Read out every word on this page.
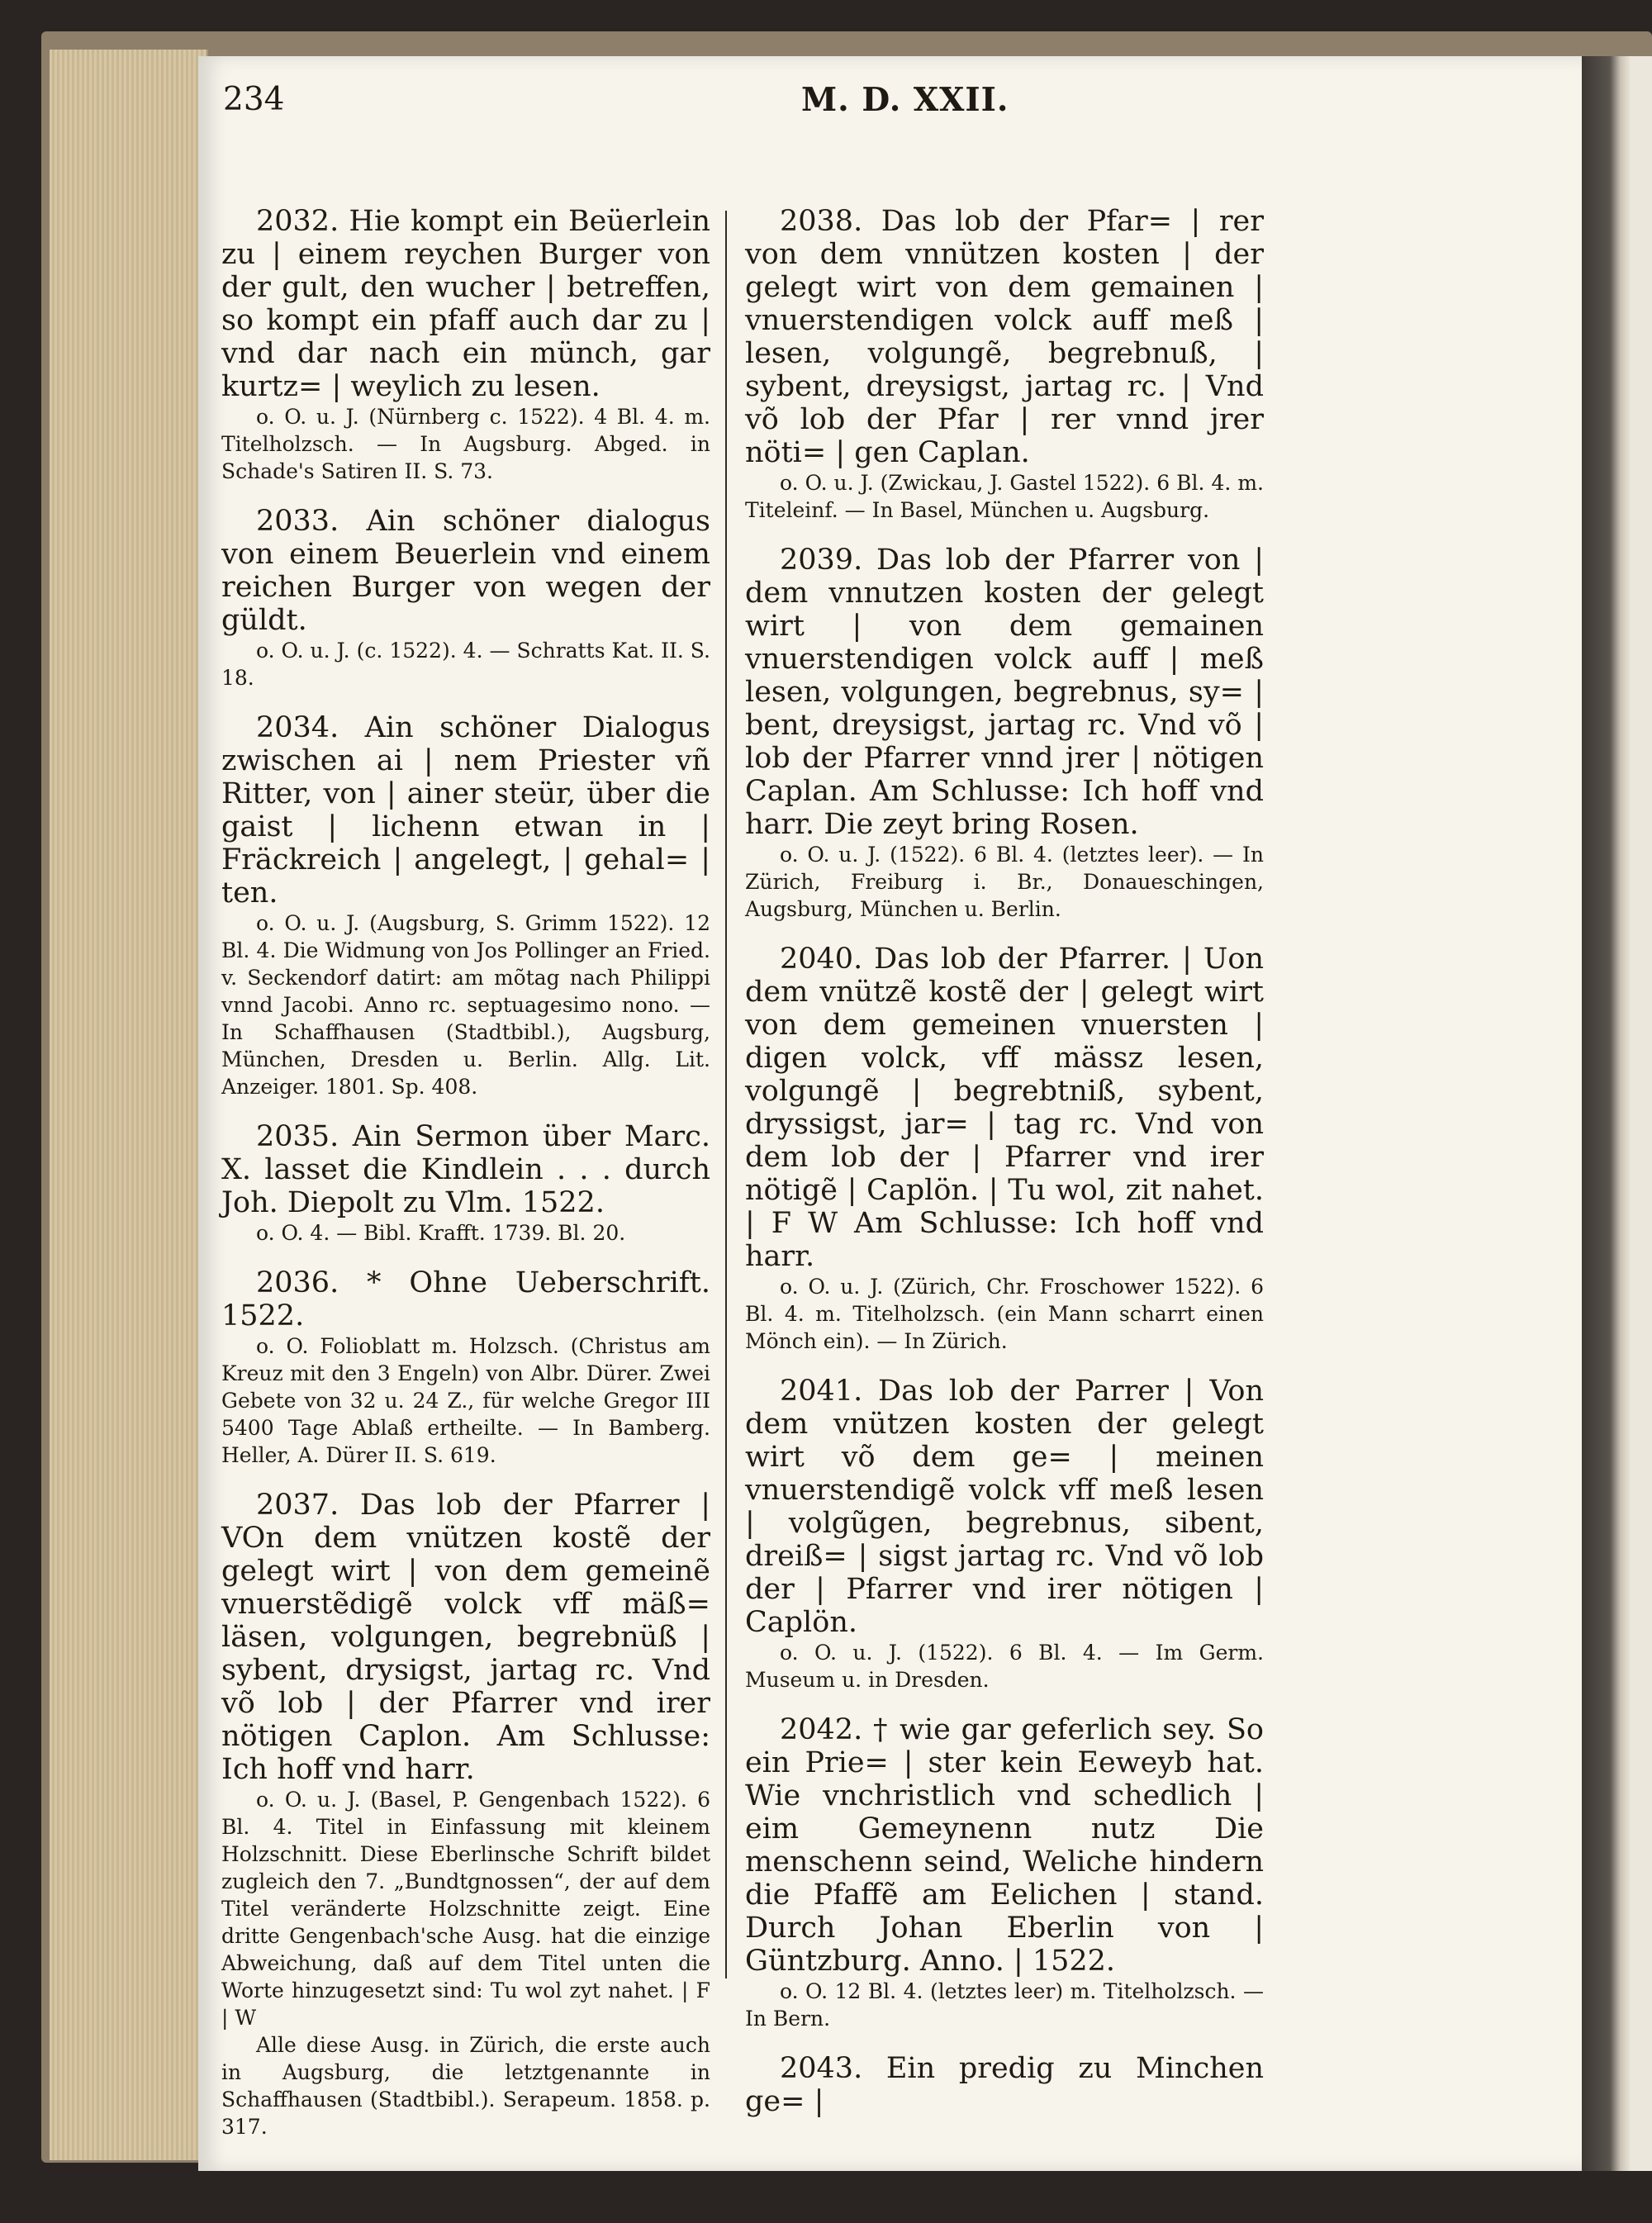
234	M. D. XXII.

2032. Hie kompt ein Beüerlein zu | einem reychen Burger von der gult, den wucher | betreffen, so kompt ein pfaff auch dar zu | vnd dar nach ein münch, gar kurtz= | weylich zu lesen.

o. O. u. J. (Nürnberg c. 1522). 4 Bl. 4. m. Titelholzsch. — In Augsburg. Abged. in Schade's Satiren II. S. 73.

2033. Ain schöner dialogus von einem Beuerlein vnd einem reichen Burger von wegen der güldt.

o. O. u. J. (c. 1522). 4. — Schratts Kat. II. S. 18.

2034. Ain schöner Dialogus zwischen ai | nem Priester vñ Ritter, von | ainer steür, über die gaist | lichenn etwan in | Fräckreich | angelegt, | gehal= | ten.

o. O. u. J. (Augsburg, S. Grimm 1522). 12 Bl. 4. Die Widmung von Jos Pollinger an Fried. v. Seckendorf datirt: am mõtag nach Philippi vnnd Jacobi. Anno rc. septuagesimo nono. — In Schaffhausen (Stadtbibl.), Augsburg, München, Dresden u. Berlin. Allg. Lit. Anzeiger. 1801. Sp. 408.

2035. Ain Sermon über Marc. X. lasset die Kindlein . . . durch Joh. Diepolt zu Vlm. 1522.

o. O. 4. — Bibl. Krafft. 1739. Bl. 20.

2036. * Ohne Ueberschrift. 1522.

o. O. Folioblatt m. Holzsch. (Christus am Kreuz mit den 3 Engeln) von Albr. Dürer. Zwei Gebete von 32 u. 24 Z., für welche Gregor III 5400 Tage Ablaß ertheilte. — In Bamberg. Heller, A. Dürer II. S. 619.

2037. Das lob der Pfarrer | VOn dem vnützen kostẽ der gelegt wirt | von dem gemeinẽ vnuerstẽdigẽ volck vff mäß= läsen, volgungen, begrebnüß | sybent, drysigst, jartag rc. Vnd võ lob | der Pfarrer vnd irer nötigen Caplon. Am Schlusse: Ich hoff vnd harr.

o. O. u. J. (Basel, P. Gengenbach 1522). 6 Bl. 4. Titel in Einfassung mit kleinem Holzschnitt. Diese Eberlinsche Schrift bildet zugleich den 7. „Bundtgnossen“, der auf dem Titel veränderte Holzschnitte zeigt. Eine dritte Gengenbach'sche Ausg. hat die einzige Abweichung, daß auf dem Titel unten die Worte hinzugesetzt sind: Tu wol zyt nahet. | F | W

Alle diese Ausg. in Zürich, die erste auch in Augsburg, die letztgenannte in Schaffhausen (Stadtbibl.). Serapeum. 1858. p. 317.

2038. Das lob der Pfar= | rer von dem vnnützen kosten | der gelegt wirt von dem gemainen | vnuerstendigen volck auff meß | lesen, volgungẽ, begrebnuß, | sybent, dreysigst, jartag rc. | Vnd võ lob der Pfar | rer vnnd jrer nöti= | gen Caplan.

o. O. u. J. (Zwickau, J. Gastel 1522). 6 Bl. 4. m. Titeleinf. — In Basel, München u. Augsburg.

2039. Das lob der Pfarrer von | dem vnnutzen kosten der gelegt wirt | von dem gemainen vnuerstendigen volck auff | meß lesen, volgungen, begrebnus, sy= | bent, dreysigst, jartag rc. Vnd võ | lob der Pfarrer vnnd jrer | nötigen Caplan. Am Schlusse: Ich hoff vnd harr. Die zeyt bring Rosen.

o. O. u. J. (1522). 6 Bl. 4. (letztes leer). — In Zürich, Freiburg i. Br., Donaueschingen, Augsburg, München u. Berlin.

2040. Das lob der Pfarrer. | Uon dem vnützẽ kostẽ der | gelegt wirt von dem gemeinen vnuersten | digen volck, vff mässz lesen, volgungẽ | begrebtniß, sybent, dryssigst, jar= | tag rc. Vnd von dem lob der | Pfarrer vnd irer nötigẽ | Caplön. | Tu wol, zit nahet. | F W Am Schlusse: Ich hoff vnd harr.

o. O. u. J. (Zürich, Chr. Froschower 1522). 6 Bl. 4. m. Titelholzsch. (ein Mann scharrt einen Mönch ein). — In Zürich.

2041. Das lob der Parrer | Von dem vnützen kosten der gelegt wirt võ dem ge= | meinen vnuerstendigẽ volck vff meß lesen | volgũgen, begrebnus, sibent, dreiß= | sigst jartag rc. Vnd võ lob der | Pfarrer vnd irer nötigen | Caplön.

o. O. u. J. (1522). 6 Bl. 4. — Im Germ. Museum u. in Dresden.

2042. † wie gar geferlich sey. So ein Prie= | ster kein Eeweyb hat. Wie vnchristlich vnd schedlich | eim Gemeynenn nutz Die menschenn seind, Weliche hindern die Pfaffẽ am Eelichen | stand. Durch Johan Eberlin von | Güntzburg. Anno. | 1522.

o. O. 12 Bl. 4. (letztes leer) m. Titelholzsch. — In Bern.

2043. Ein predig zu Minchen ge= |
